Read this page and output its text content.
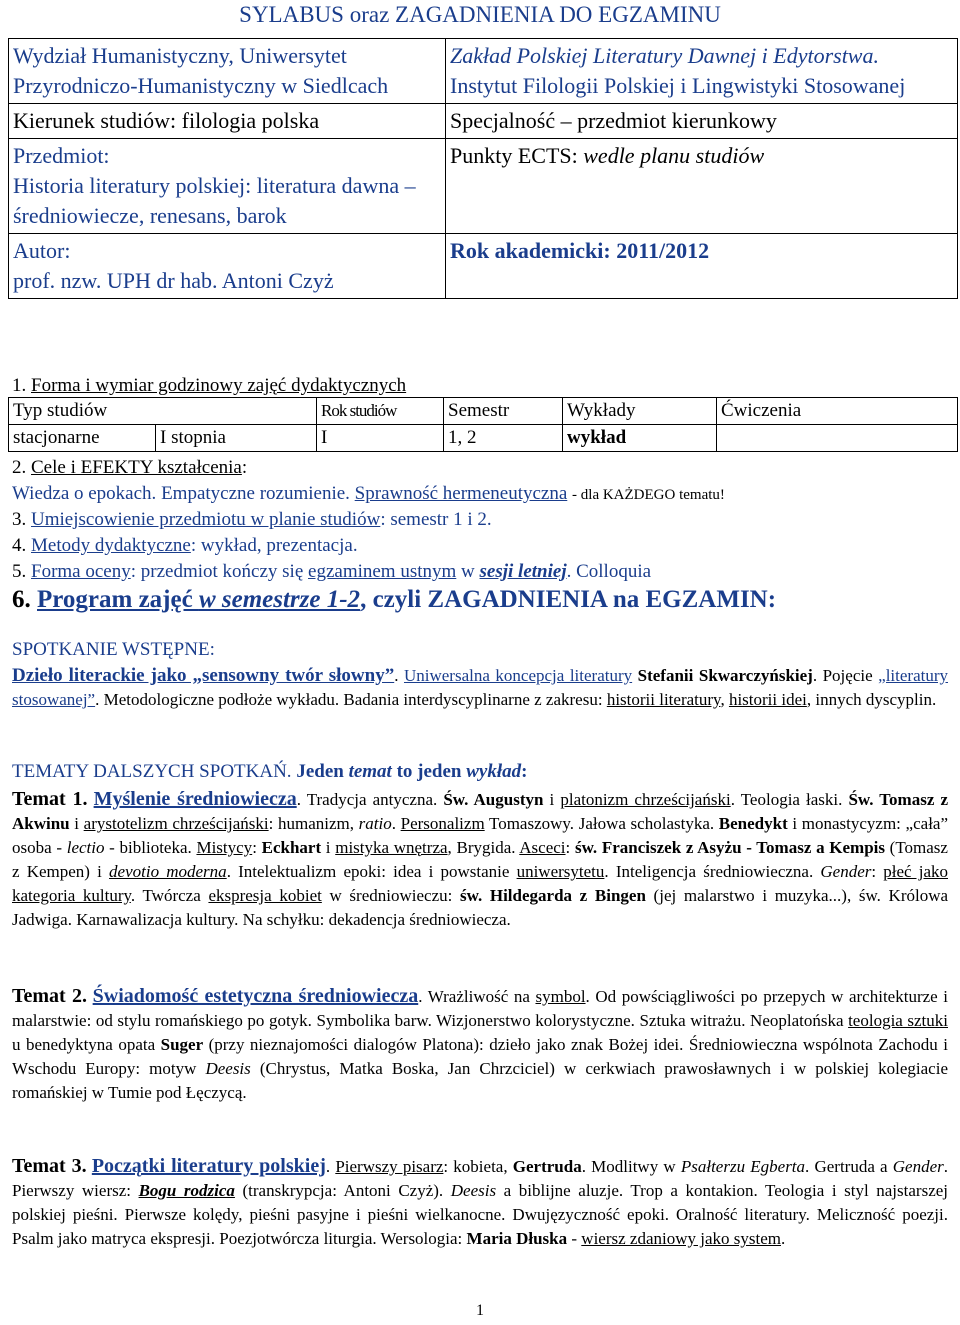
SYLABUS oraz ZAGADNIENIA DO EGZAMINU
Wydział Humanistyczny, Uniwersytet Przyrodniczo-Humanistyczny w Siedlcach	Zakład Polskiej Literatury Dawnej i Edytorstwa.
Instytut Filologii Polskiej i Lingwistyki Stosowanej

Kierunek studiów: filologia polska	Specjalność – przedmiot kierunkowy

Przedmiot:
Historia literatury polskiej: literatura dawna – średniowiecze, renesans, barok	Punkty ECTS: wedle planu studiów

Autor:
prof. nzw. UPH dr hab. Antoni Czyż	Rok akademicki: 2011/2012
1. Forma i wymiar godzinowy zajęć dydaktycznych
Typ studiów		Rok studiów	Semestr	Wykłady	Ćwiczenia
stacjonarne	I stopnia	I	1, 2	wykład	
2. Cele i EFEKTY kształcenia:
Wiedza o epokach. Empatyczne rozumienie. Sprawność hermeneutyczna - dla KAŻDEGO tematu!
3. Umiejscowienie przedmiotu w planie studiów: semestr 1 i 2.
4. Metody dydaktyczne: wykład, prezentacja.
5. Forma oceny: przedmiot kończy się egzaminem ustnym w sesji letniej. Colloquia
6. Program zajęć w semestrze 1-2, czyli ZAGADNIENIA na EGZAMIN:
SPOTKANIE WSTĘPNE:
Dzieło literackie jako „sensowny twór słowny”. Uniwersalna koncepcja literatury Stefanii Skwarczyńskiej. Pojęcie „literatury stosowanej”. Metodologiczne podłoże wykładu. Badania interdyscyplinarne z zakresu: historii literatury, historii idei, innych dyscyplin.
TEMATY DALSZYCH SPOTKAŃ. Jeden temat to jeden wykład:
Temat 1. Myślenie średniowiecza. Tradycja antyczna. Św. Augustyn i platonizm chrześcijański. Teologia łaski. Św. Tomasz z Akwinu i arystotelizm chrześcijański: humanizm, ratio. Personalizm Tomaszowy. Jałowa scholastyka. Benedykt i monastycyzm: „cała” osoba - lectio - biblioteka. Mistycy: Eckhart i mistyka wnętrza, Brygida. Asceci: św. Franciszek z Asyżu - Tomasz a Kempis (Tomasz z Kempen) i devotio moderna. Intelektualizm epoki: idea i powstanie uniwersytetu. Inteligencja średniowieczna. Gender: płeć jako kategoria kultury. Twórcza ekspresja kobiet w średniowieczu: św. Hildegarda z Bingen (jej malarstwo i muzyka...), św. Królowa Jadwiga. Karnawalizacja kultury. Na schyłku: dekadencja średniowiecza.
Temat 2. Świadomość estetyczna średniowiecza. Wrażliwość na symbol. Od powściągliwości po przepych w architekturze i malarstwie: od stylu romańskiego po gotyk. Symbolika barw. Wizjonerstwo kolorystyczne. Sztuka witrażu. Neoplatońska teologia sztuki u benedyktyna opata Suger (przy nieznajomości dialogów Platona): dzieło jako znak Bożej idei. Średniowieczna wspólnota Zachodu i Wschodu Europy: motyw Deesis (Chrystus, Matka Boska, Jan Chrzciciel) w cerkwiach prawosławnych i w polskiej kolegiacie romańskiej w Tumie pod Łęczycą.
Temat 3. Początki literatury polskiej. Pierwszy pisarz: kobieta, Gertruda. Modlitwy w Psałterzu Egberta. Gertruda a Gender. Pierwszy wiersz: Bogu rodzica (transkrypcja: Antoni Czyż). Deesis a biblijne aluzje. Trop a kontakion. Teologia i styl najstarszej polskiej pieśni. Pierwsze kolędy, pieśni pasyjne i pieśni wielkanocne. Dwujęzyczność epoki. Oralność literatury. Meliczność poezji. Psalm jako matryca ekspresji. Poezjotwórcza liturgia. Wersologia: Maria Dłuska - wiersz zdaniowy jako system.
1
